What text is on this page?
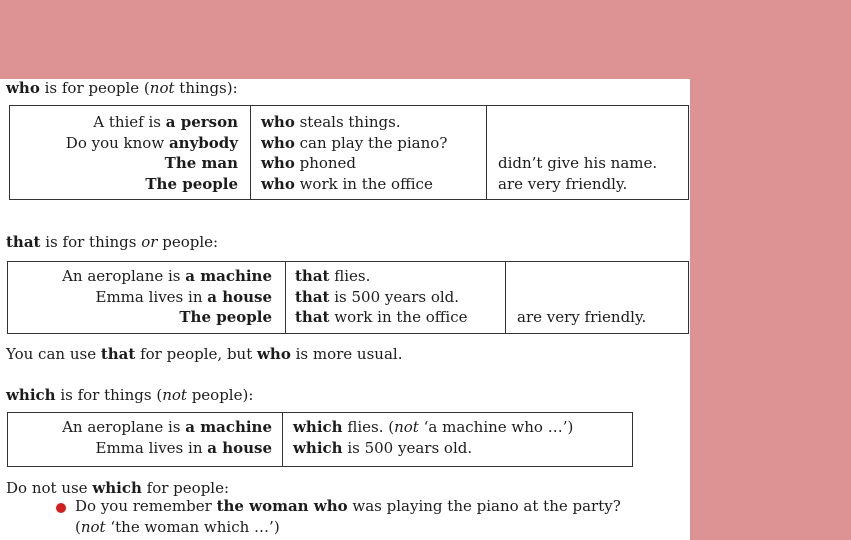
who is for people (not things):
A thief is a person
Do you know anybody
The man
The people
who steals things.
who can play the piano?
who phoned
who work in the office
didn’t give his name.
are very friendly.
that is for things or people:
An aeroplane is a machine
Emma lives in a house
The people
that flies.
that is 500 years old.
that work in the office	are very friendly.
You can use that for people, but who is more usual.
which is for things (not people):
An aeroplane is a machine
Emma lives in a house
which flies. (not ‘a machine who …’)
which is 500 years old.
Do not use which for people:
Do you remember the woman who was playing the piano at the party?
(not ‘the woman which …’)
